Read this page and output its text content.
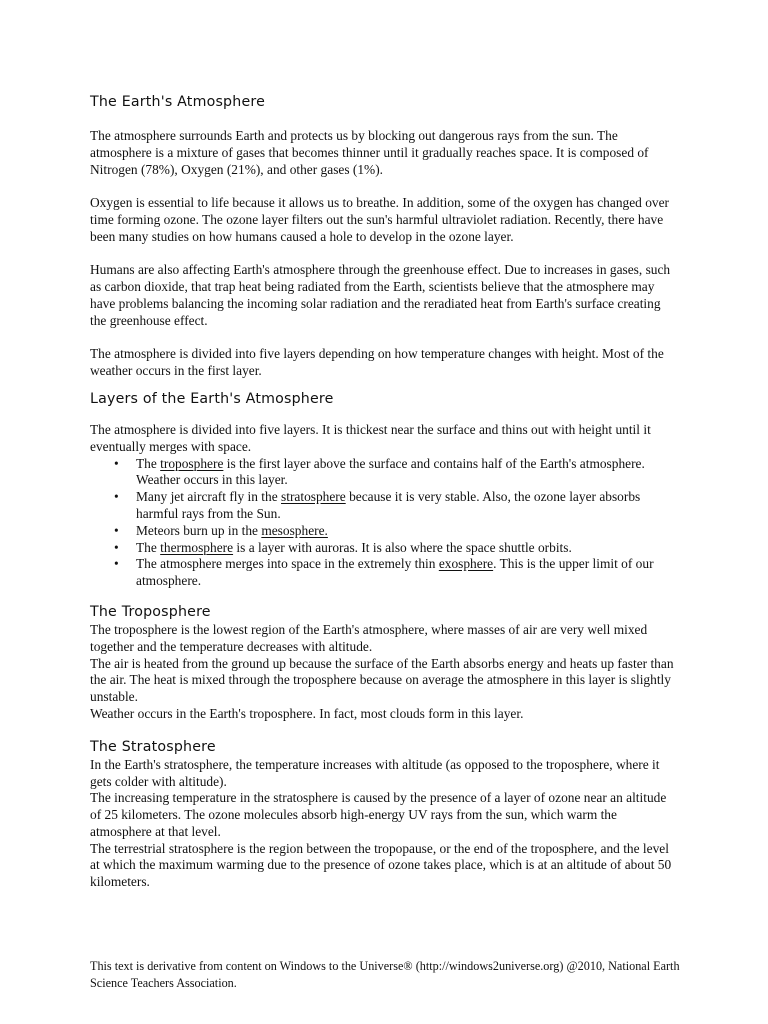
The Earth's Atmosphere

The atmosphere surrounds Earth and protects us by blocking out dangerous rays from the sun. The atmosphere is a mixture of gases that becomes thinner until it gradually reaches space. It is composed of Nitrogen (78%), Oxygen (21%), and other gases (1%).

Oxygen is essential to life because it allows us to breathe. In addition, some of the oxygen has changed over time forming ozone. The ozone layer filters out the sun's harmful ultraviolet radiation. Recently, there have been many studies on how humans caused a hole to develop in the ozone layer.

Humans are also affecting Earth's atmosphere through the greenhouse effect. Due to increases in gases, such as carbon dioxide, that trap heat being radiated from the Earth, scientists believe that the atmosphere may have problems balancing the incoming solar radiation and the reradiated heat from Earth's surface creating the greenhouse effect.

The atmosphere is divided into five layers depending on how temperature changes with height. Most of the weather occurs in the first layer.

Layers of the Earth's Atmosphere

The atmosphere is divided into five layers. It is thickest near the surface and thins out with height until it eventually merges with space.

• The troposphere is the first layer above the surface and contains half of the Earth's atmosphere. Weather occurs in this layer.
• Many jet aircraft fly in the stratosphere because it is very stable. Also, the ozone layer absorbs harmful rays from the Sun.
• Meteors burn up in the mesosphere.
• The thermosphere is a layer with auroras. It is also where the space shuttle orbits.
• The atmosphere merges into space in the extremely thin exosphere. This is the upper limit of our atmosphere.
The Troposphere

The troposphere is the lowest region of the Earth's atmosphere, where masses of air are very well mixed together and the temperature decreases with altitude.

The air is heated from the ground up because the surface of the Earth absorbs energy and heats up faster than the air. The heat is mixed through the troposphere because on average the atmosphere in this layer is slightly unstable.

Weather occurs in the Earth's troposphere. In fact, most clouds form in this layer.

The Stratosphere

In the Earth's stratosphere, the temperature increases with altitude (as opposed to the troposphere, where it gets colder with altitude).

The increasing temperature in the stratosphere is caused by the presence of a layer of ozone near an altitude of 25 kilometers. The ozone molecules absorb high-energy UV rays from the sun, which warm the atmosphere at that level.

The terrestrial stratosphere is the region between the tropopause, or the end of the troposphere, and the level at which the maximum warming due to the presence of ozone takes place, which is at an altitude of about 50 kilometers.

This text is derivative from content on Windows to the Universe® (http://windows2universe.org) @2010, National Earth Science Teachers Association.
